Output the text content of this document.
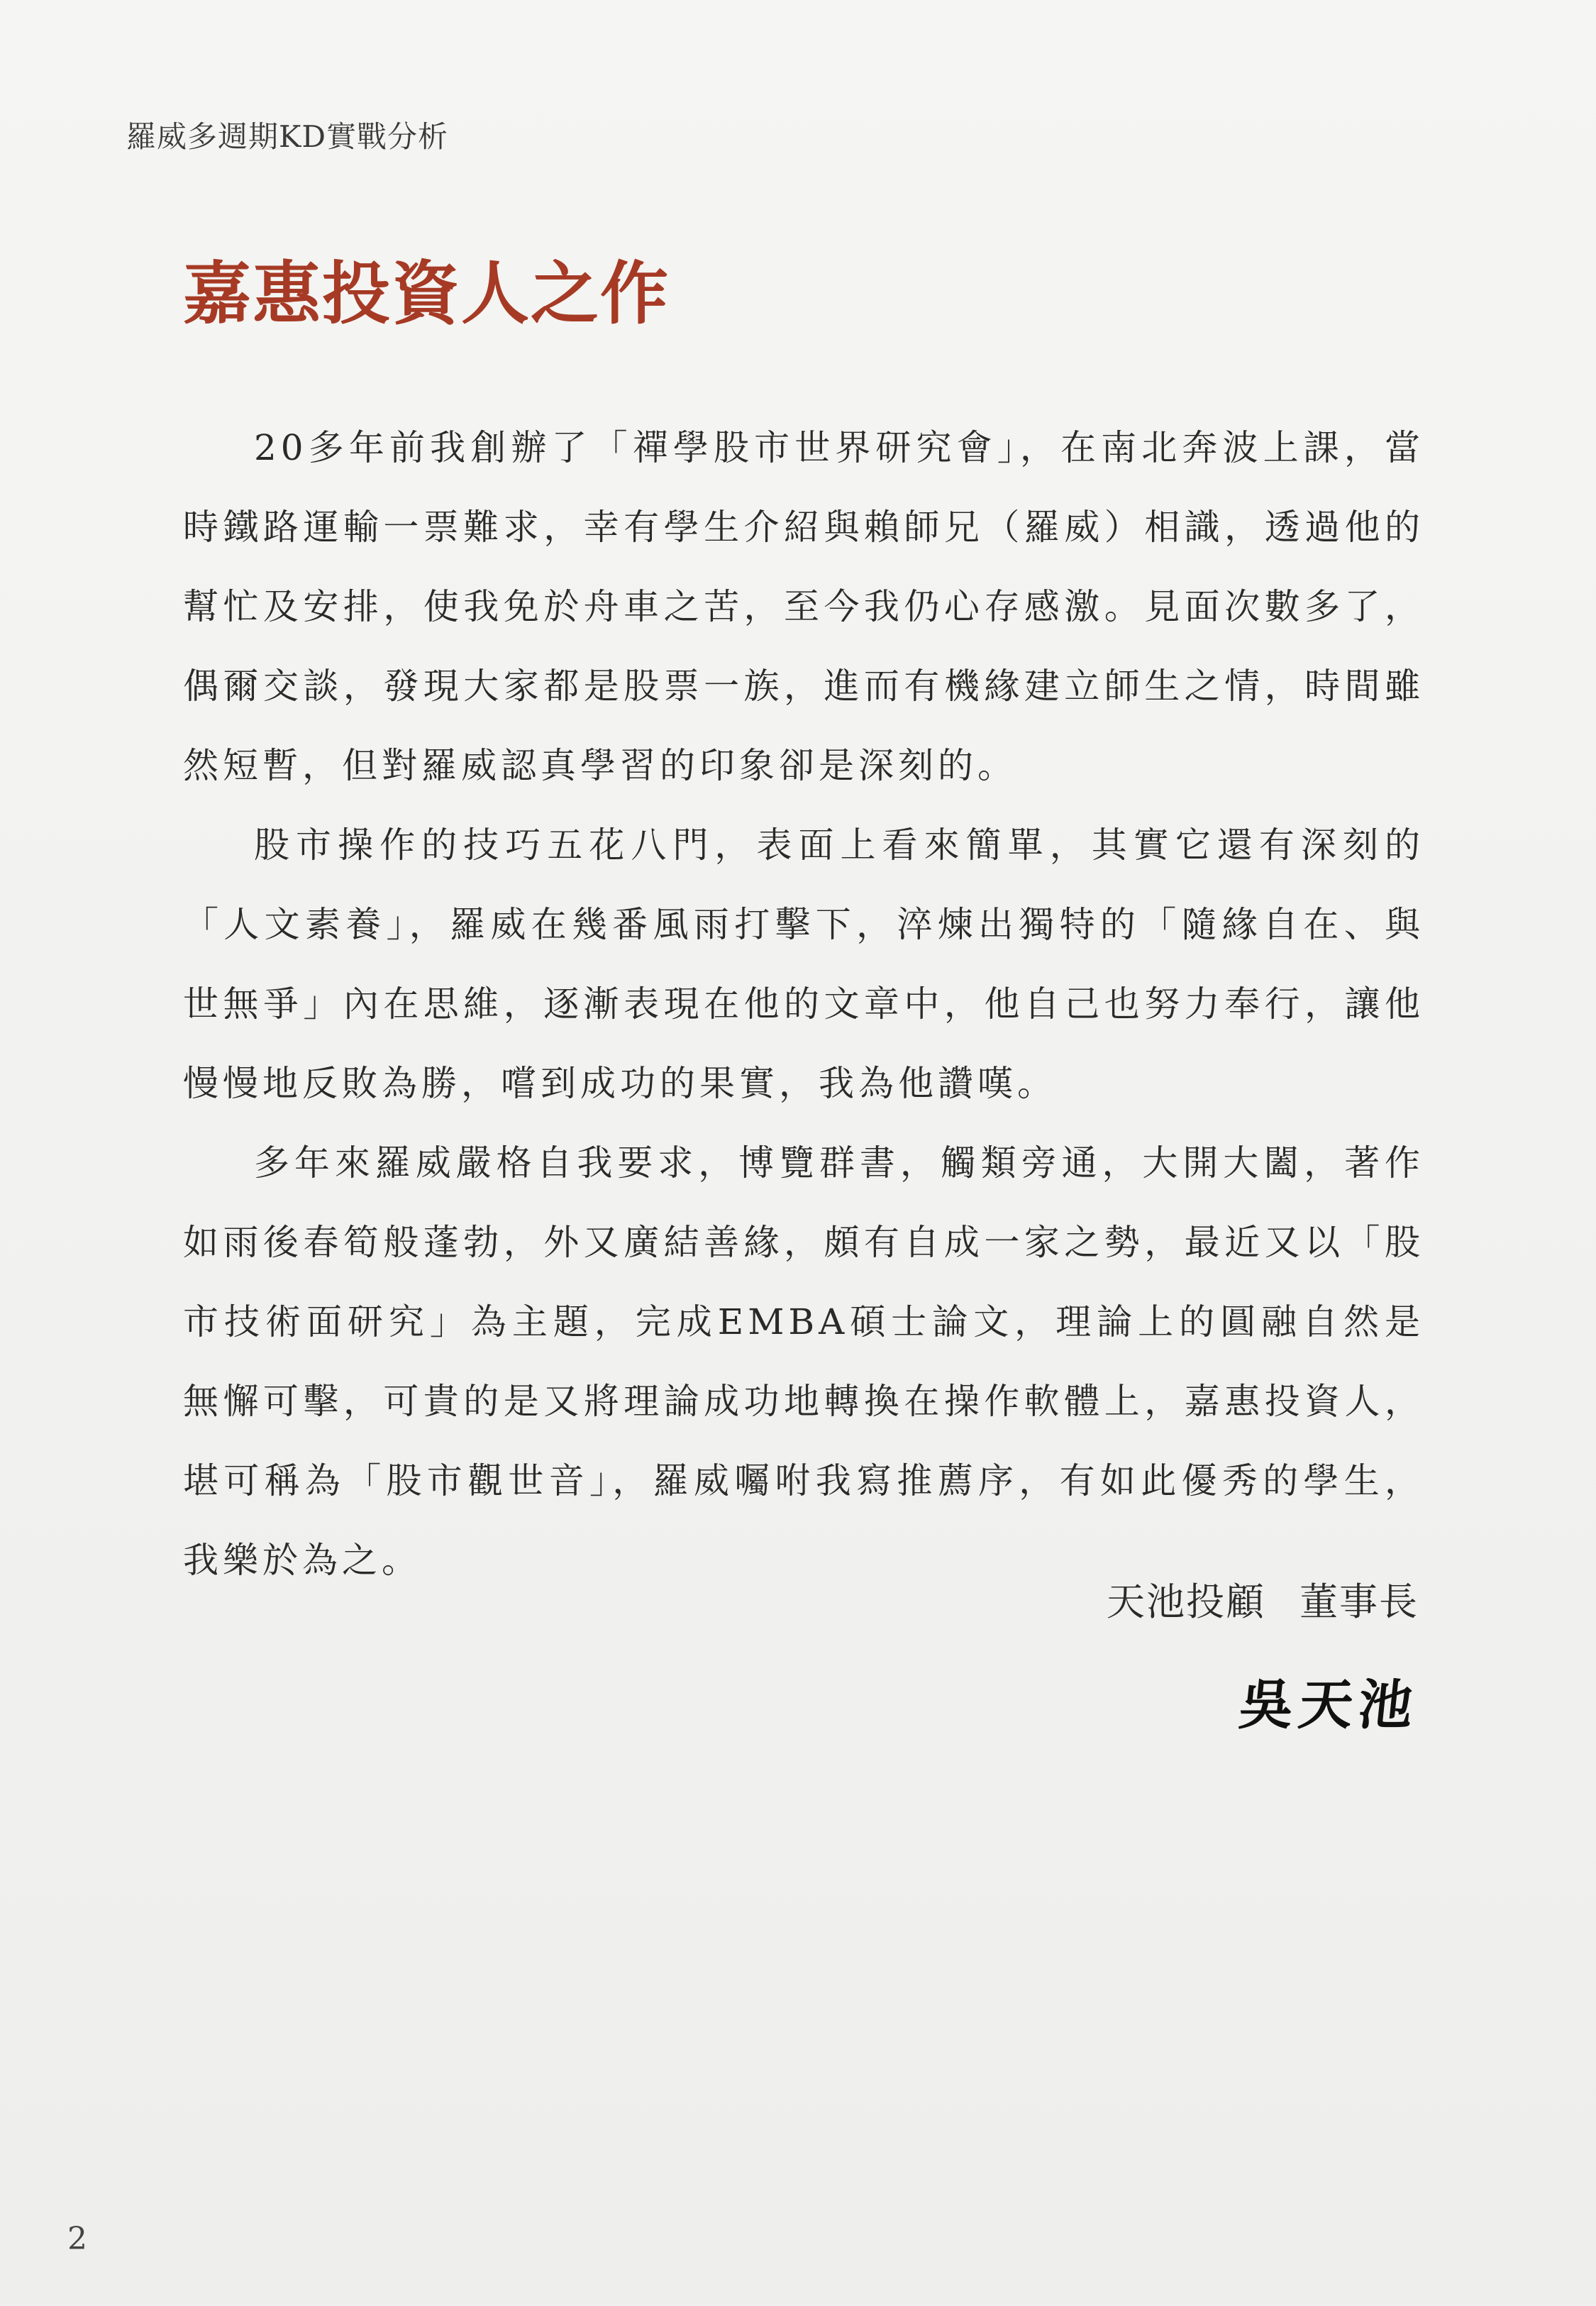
羅威多週期KD實戰分析
嘉惠投資人之作

20多年前我創辦了「禪學股市世界研究會」，在南北奔波上課，當時鐵路運輸一票難求，幸有學生介紹與賴師兄（羅威）相識，透過他的幫忙及安排，使我免於舟車之苦，至今我仍心存感激。見面次數多了，偶爾交談，發現大家都是股票一族，進而有機緣建立師生之情，時間雖然短暫，但對羅威認真學習的印象卻是深刻的。

股市操作的技巧五花八門，表面上看來簡單，其實它還有深刻的「人文素養」，羅威在幾番風雨打擊下，淬煉出獨特的「隨緣自在、與世無爭」內在思維，逐漸表現在他的文章中，他自己也努力奉行，讓他慢慢地反敗為勝，嚐到成功的果實，我為他讚嘆。

多年來羅威嚴格自我要求，博覽群書，觸類旁通，大開大闔，著作如雨後春筍般蓬勃，外又廣結善緣，頗有自成一家之勢，最近又以「股市技術面研究」為主題，完成EMBA碩士論文，理論上的圓融自然是無懈可擊，可貴的是又將理論成功地轉換在操作軟體上，嘉惠投資人，堪可稱為「股市觀世音」，羅威囑咐我寫推薦序，有如此優秀的學生，我樂於為之。

天池投顧 董事長
吳天池
2
